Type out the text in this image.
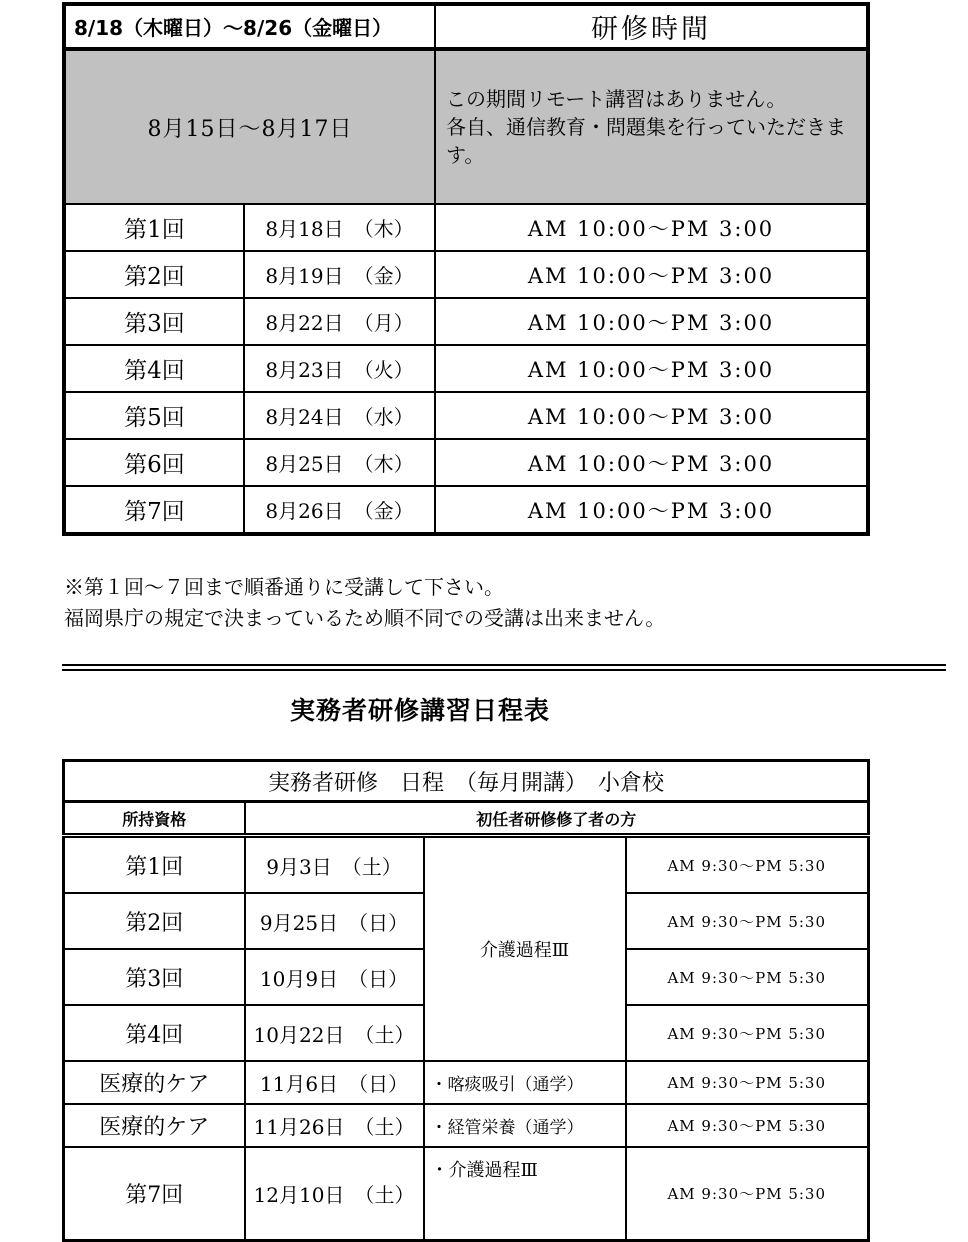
8/18（木曜日）～8/26（金曜日）		研修時間
8月15日～8月17日		この期間リモート講習はありません。
各自、通信教育・問題集を行っていただきます。

第1回	8月18日　（木）	AM 10:00～PM 3:00
第2回	8月19日　（金）	AM 10:00～PM 3:00
第3回	8月22日　（月）	AM 10:00～PM 3:00
第4回	8月23日　（火）	AM 10:00～PM 3:00
第5回	8月24日　（水）	AM 10:00～PM 3:00
第6回	8月25日　（木）	AM 10:00～PM 3:00
第7回	8月26日　（金）	AM 10:00～PM 3:00
※第１回～７回まで順番通りに受講して下さい。
福岡県庁の規定で決まっているため順不同での受講は出来ません。
実務者研修講習日程表
実務者研修　日程　（毎月開講）　小倉校			
所持資格	初任者研修修了者の方		
第1回	9月3日　（土）	介護過程Ⅲ	AM 9:30～PM 5:30
第2回	9月25日　（日）		AM 9:30～PM 5:30
第3回	10月9日　（日）		AM 9:30～PM 5:30
第4回	10月22日　（土）		AM 9:30～PM 5:30
医療的ケア	11月6日　（日）	・喀痰吸引（通学）	AM 9:30～PM 5:30
医療的ケア	11月26日　（土）	・経管栄養（通学）	AM 9:30～PM 5:30
第7回	12月10日　（土）	・介護過程Ⅲ	AM 9:30～PM 5:30
